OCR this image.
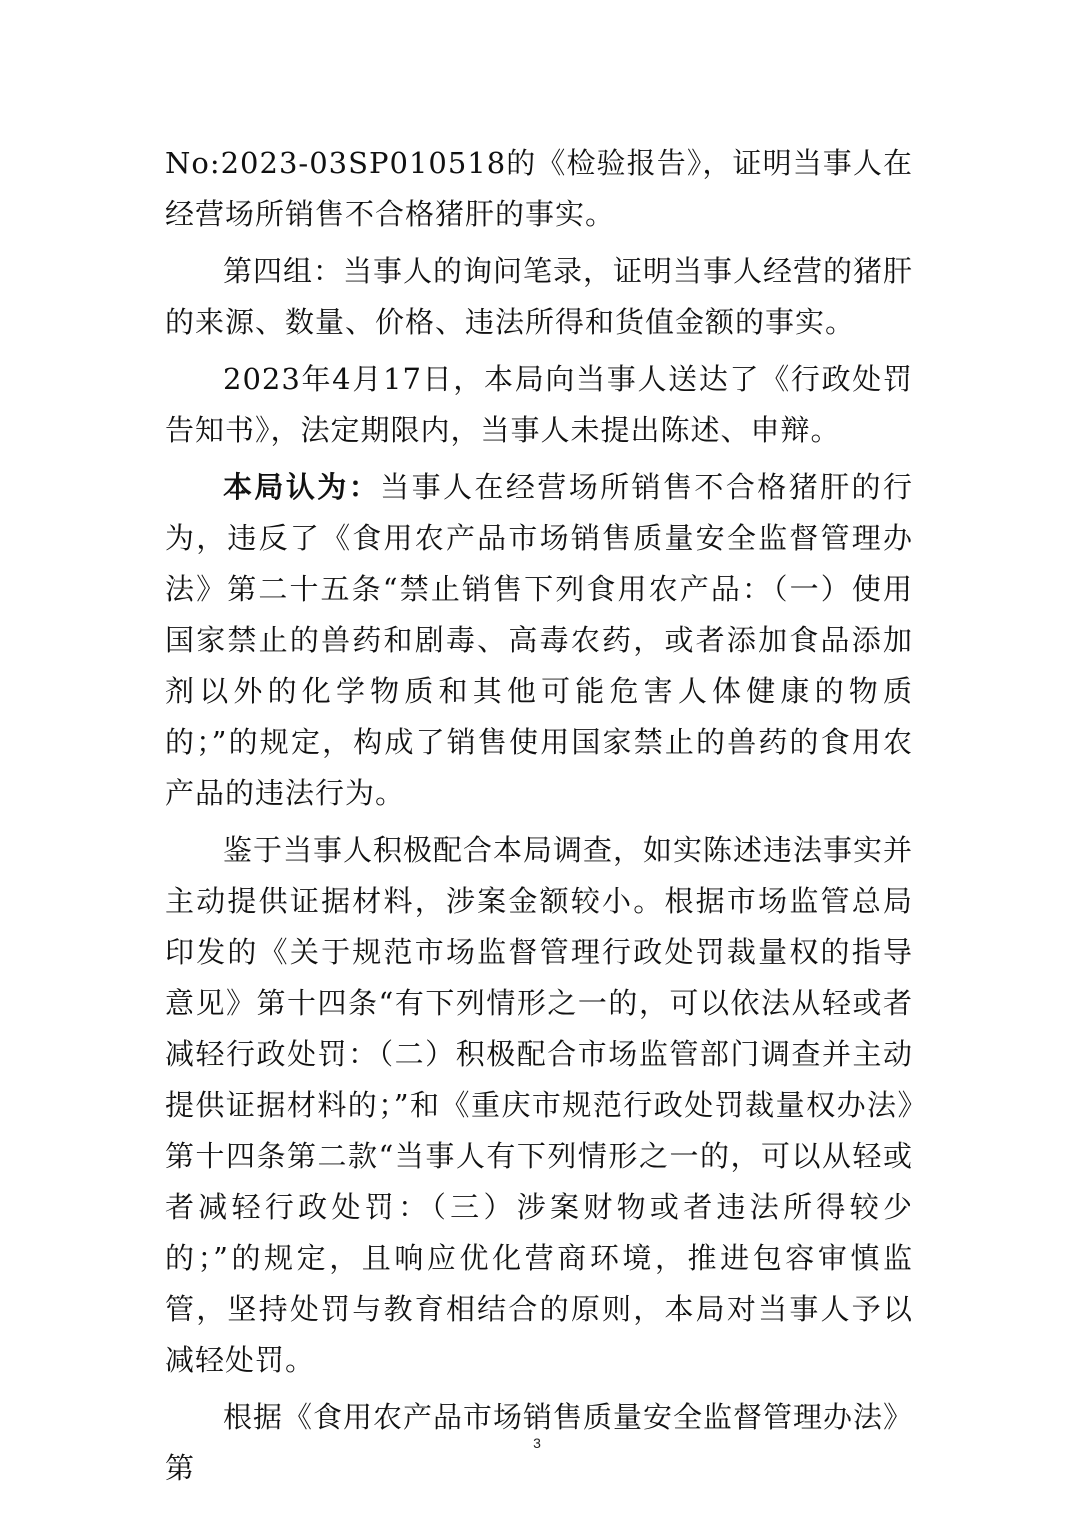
No:2023-03SP010518的《检验报告》，证明当事人在经营场所销售不合格猪肝的事实。

第四组：当事人的询问笔录，证明当事人经营的猪肝的来源、数量、价格、违法所得和货值金额的事实。

2023年4月17日，本局向当事人送达了《行政处罚告知书》，法定期限内，当事人未提出陈述、申辩。

本局认为：当事人在经营场所销售不合格猪肝的行为，违反了《食用农产品市场销售质量安全监督管理办法》第二十五条“禁止销售下列食用农产品：（一）使用国家禁止的兽药和剧毒、高毒农药，或者添加食品添加剂以外的化学物质和其他可能危害人体健康的物质的；”的规定，构成了销售使用国家禁止的兽药的食用农产品的违法行为。

鉴于当事人积极配合本局调查，如实陈述违法事实并主动提供证据材料，涉案金额较小。根据市场监管总局印发的《关于规范市场监督管理行政处罚裁量权的指导意见》第十四条“有下列情形之一的，可以依法从轻或者减轻行政处罚：（二）积极配合市场监管部门调查并主动提供证据材料的；”和《重庆市规范行政处罚裁量权办法》第十四条第二款“当事人有下列情形之一的，可以从轻或者减轻行政处罚：（三）涉案财物或者违法所得较少的；”的规定，且响应优化营商环境，推进包容审慎监管，坚持处罚与教育相结合的原则，本局对当事人予以减轻处罚。

根据《食用农产品市场销售质量安全监督管理办法》第

3
